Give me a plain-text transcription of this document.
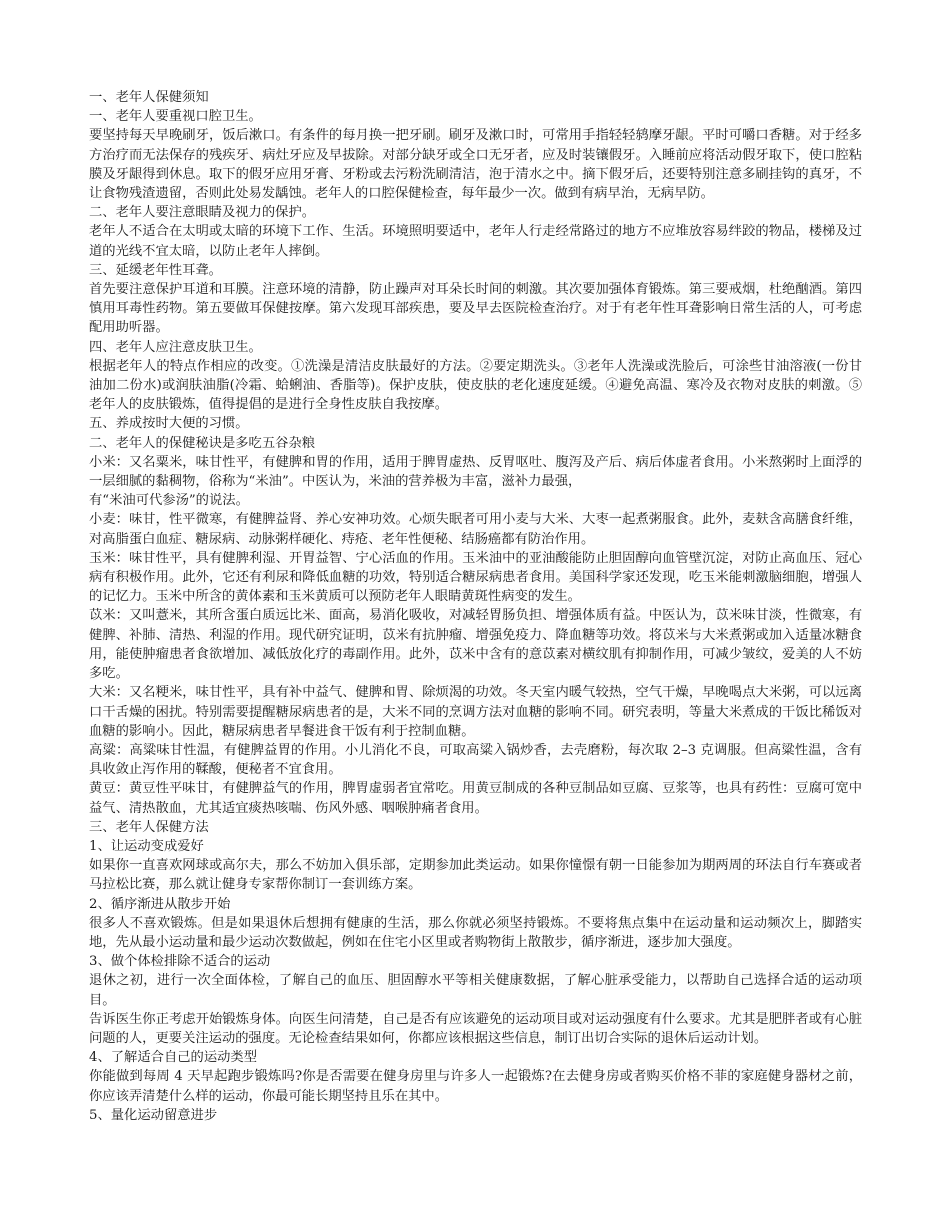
一、老年人保健须知

一、老年人要重视口腔卫生。

要坚持每天早晚刷牙，饭后漱口。有条件的每月换一把牙刷。刷牙及漱口时，可常用手指轻轻鸫摩牙龈。平时可嚼口香糖。对于经多方治疗而无法保存的残疾牙、病灶牙应及早拔除。对部分缺牙或全口无牙者，应及时装镶假牙。入睡前应将活动假牙取下，使口腔粘膜及牙龈得到休息。取下的假牙应用牙膏、牙粉或去污粉洗刷清洁，泡于清水之中。摘下假牙后，还要特别注意多刷挂钩的真牙，不让食物残渣遗留，否则此处易发龋蚀。老年人的口腔保健检查，每年最少一次。做到有病早治，无病早防。

二、老年人要注意眼睛及视力的保护。

老年人不适合在太明或太暗的环境下工作、生活。环境照明要适中，老年人行走经常路过的地方不应堆放容易绊跤的物品，楼梯及过道的光线不宜太暗，以防止老年人摔倒。

三、延缓老年性耳聋。

首先要注意保护耳道和耳膜。注意环境的清静，防止躁声对耳朵长时间的刺激。其次要加强体育锻炼。第三要戒烟，杜绝酗酒。第四慎用耳毒性药物。第五要做耳保健按摩。第六发现耳部疾患，要及早去医院检查治疗。对于有老年性耳聋影响日常生活的人，可考虑配用助听器。

四、老年人应注意皮肤卫生。

根据老年人的特点作相应的改变。①洗澡是清洁皮肤最好的方法。②要定期洗头。③老年人洗澡或洗脸后，可涂些甘油溶液(一份甘油加二份水)或润肤油脂(冷霜、蛤蜊油、香脂等)。保护皮肤，使皮肤的老化速度延缓。④避免高温、寒冷及衣物对皮肤的刺激。⑤老年人的皮肤锻炼，值得提倡的是进行全身性皮肤自我按摩。

五、养成按时大便的习惯。

二、老年人的保健秘诀是多吃五谷杂粮

小米：又名粟米，味甘性平，有健脾和胃的作用，适用于脾胃虚热、反胃呕吐、腹泻及产后、病后体虚者食用。小米熬粥时上面浮的一层细腻的黏稠物，俗称为“米油”。中医认为，米油的营养极为丰富，滋补力最强，

有“米油可代参汤”的说法。

小麦：味甘，性平微寒，有健脾益肾、养心安神功效。心烦失眠者可用小麦与大米、大枣一起煮粥服食。此外，麦麸含高膳食纤维，对高脂蛋白血症、糖尿病、动脉粥样硬化、痔疮、老年性便秘、结肠癌都有防治作用。

玉米：味甘性平，具有健脾利湿、开胃益智、宁心活血的作用。玉米油中的亚油酸能防止胆固醇向血管壁沉淀，对防止高血压、冠心病有积极作用。此外，它还有利尿和降低血糖的功效，特别适合糖尿病患者食用。美国科学家还发现，吃玉米能刺激脑细胞，增强人的记忆力。玉米中所含的黄体素和玉米黄质可以预防老年人眼睛黄斑性病变的发生。

苡米：又叫薏米，其所含蛋白质远比米、面高，易消化吸收，对减轻胃肠负担、增强体质有益。中医认为，苡米味甘淡，性微寒，有健脾、补肺、清热、利湿的作用。现代研究证明，苡米有抗肿瘤、增强免疫力、降血糖等功效。将苡米与大米煮粥或加入适量冰糖食用，能使肿瘤患者食欲增加、减低放化疗的毒副作用。此外，苡米中含有的意苡素对横纹肌有抑制作用，可减少皱纹，爱美的人不妨多吃。

大米：又名粳米，味甘性平，具有补中益气、健脾和胃、除烦渴的功效。冬天室内暖气较热，空气干燥，早晚喝点大米粥，可以远离口干舌燥的困扰。特别需要提醒糖尿病患者的是，大米不同的烹调方法对血糖的影响不同。研究表明，等量大米煮成的干饭比稀饭对血糖的影响小。因此，糖尿病患者早餐进食干饭有利于控制血糖。

高粱：高粱味甘性温，有健脾益胃的作用。小儿消化不良，可取高粱入锅炒香，去壳磨粉，每次取 2–3 克调服。但高粱性温，含有具收敛止泻作用的鞣酸，便秘者不宜食用。

黄豆：黄豆性平味甘，有健脾益气的作用，脾胃虚弱者宜常吃。用黄豆制成的各种豆制品如豆腐、豆浆等，也具有药性：豆腐可宽中益气、清热散血，尤其适宜痰热咳喘、伤风外感、咽喉肿痛者食用。

三、老年人保健方法

1、让运动变成爱好

如果你一直喜欢网球或高尔夫，那么不妨加入俱乐部，定期参加此类运动。如果你憧憬有朝一日能参加为期两周的环法自行车赛或者马拉松比赛，那么就让健身专家帮你制订一套训练方案。

2、循序渐进从散步开始

很多人不喜欢锻炼。但是如果退休后想拥有健康的生活，那么你就必须坚持锻炼。不要将焦点集中在运动量和运动频次上，脚踏实地，先从最小运动量和最少运动次数做起，例如在住宅小区里或者购物街上散散步，循序渐进，逐步加大强度。

3、做个体检排除不适合的运动

退休之初，进行一次全面体检，了解自己的血压、胆固醇水平等相关健康数据，了解心脏承受能力，以帮助自己选择合适的运动项目。

告诉医生你正考虑开始锻炼身体。向医生问清楚，自己是否有应该避免的运动项目或对运动强度有什么要求。尤其是肥胖者或有心脏问题的人，更要关注运动的强度。无论检查结果如何，你都应该根据这些信息，制订出切合实际的退休后运动计划。

4、了解适合自己的运动类型

你能做到每周 4 天早起跑步锻炼吗?你是否需要在健身房里与许多人一起锻炼?在去健身房或者购买价格不菲的家庭健身器材之前，你应该弄清楚什么样的运动，你最可能长期坚持且乐在其中。

5、量化运动留意进步
